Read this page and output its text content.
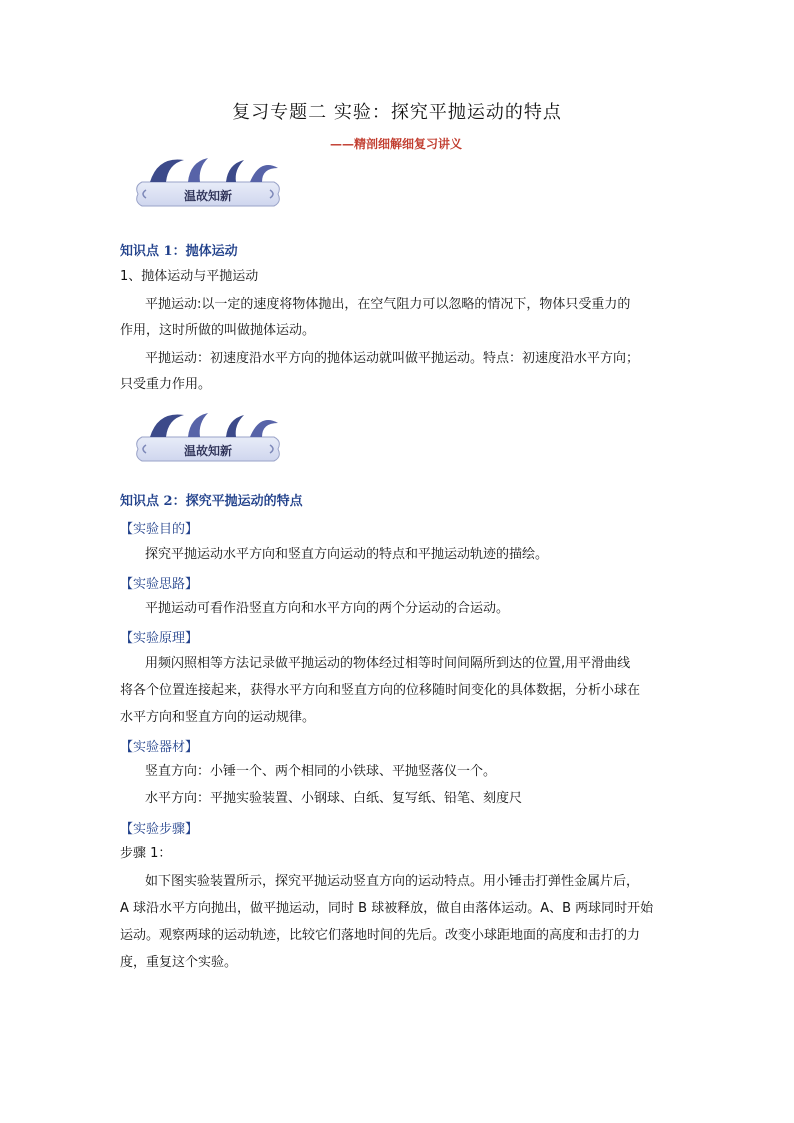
复习专题二 实验：探究平抛运动的特点
——精剖细解细复习讲义
温故知新
知识点 1：抛体运动
1、抛体运动与平抛运动
平抛运动:以一定的速度将物体抛出，在空气阻力可以忽略的情况下，物体只受重力的
作用，这时所做的叫做抛体运动。
平抛运动：初速度沿水平方向的抛体运动就叫做平抛运动。特点：初速度沿水平方向；
只受重力作用。
温故知新
知识点 2：探究平抛运动的特点
【实验目的】
探究平抛运动水平方向和竖直方向运动的特点和平抛运动轨迹的描绘。
【实验思路】
平抛运动可看作沿竖直方向和水平方向的两个分运动的合运动。
【实验原理】
用频闪照相等方法记录做平抛运动的物体经过相等时间间隔所到达的位置,用平滑曲线
将各个位置连接起来，获得水平方向和竖直方向的位移随时间变化的具体数据，分析小球在
水平方向和竖直方向的运动规律。
【实验器材】
竖直方向：小锤一个、两个相同的小铁球、平抛竖落仪一个。
水平方向：平抛实验装置、小钢球、白纸、复写纸、铅笔、刻度尺
【实验步骤】
步骤 1：
如下图实验装置所示，探究平抛运动竖直方向的运动特点。用小锤击打弹性金属片后，
A 球沿水平方向抛出，做平抛运动，同时 B 球被释放，做自由落体运动。A、B 两球同时开始
运动。观察两球的运动轨迹，比较它们落地时间的先后。改变小球距地面的高度和击打的力
度，重复这个实验。
